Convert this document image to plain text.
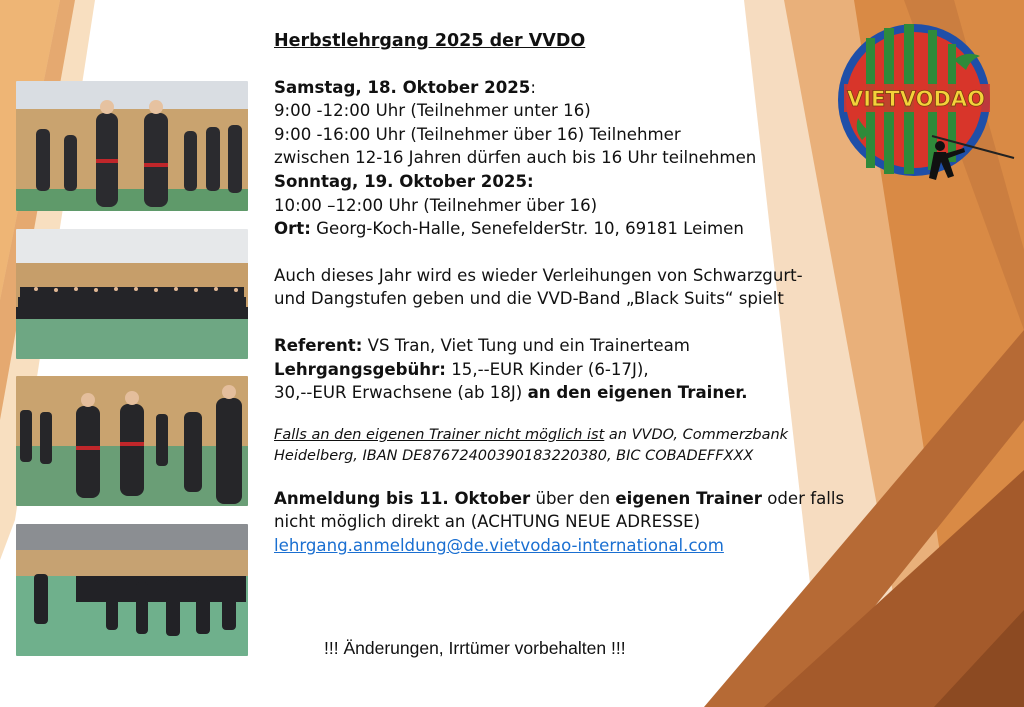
Herbstlehrgang 2025 der VVDO
Samstag, 18. Oktober 2025:
9:00 -12:00 Uhr (Teilnehmer unter 16)
9:00 -16:00 Uhr (Teilnehmer über 16) Teilnehmer
zwischen 12-16 Jahren dürfen auch bis 16 Uhr teilnehmen
Sonntag, 19. Oktober 2025:
10:00 –12:00 Uhr (Teilnehmer über 16)
Ort: Georg-Koch-Halle, SenefelderStr. 10, 69181 Leimen
Auch dieses Jahr wird es wieder Verleihungen von Schwarzgurt-
und Dangstufen geben und die VVD-Band „Black Suits“ spielt
Referent: VS Tran, Viet Tung und ein Trainerteam
Lehrgangsgebühr: 15,--EUR Kinder (6-17J),
30,--EUR Erwachsene (ab 18J) an den eigenen Trainer.
Falls an den eigenen Trainer nicht möglich ist an VVDO, Commerzbank
Heidelberg, IBAN DE87672400390183220380, BIC COBADEFFXXX
Anmeldung bis 11. Oktober über den eigenen Trainer oder falls
nicht möglich direkt an (ACHTUNG NEUE ADRESSE)
lehrgang.anmeldung@de.vietvodao-international.com
!!! Änderungen, Irrtümer vorbehalten !!!
VIETVODAO
